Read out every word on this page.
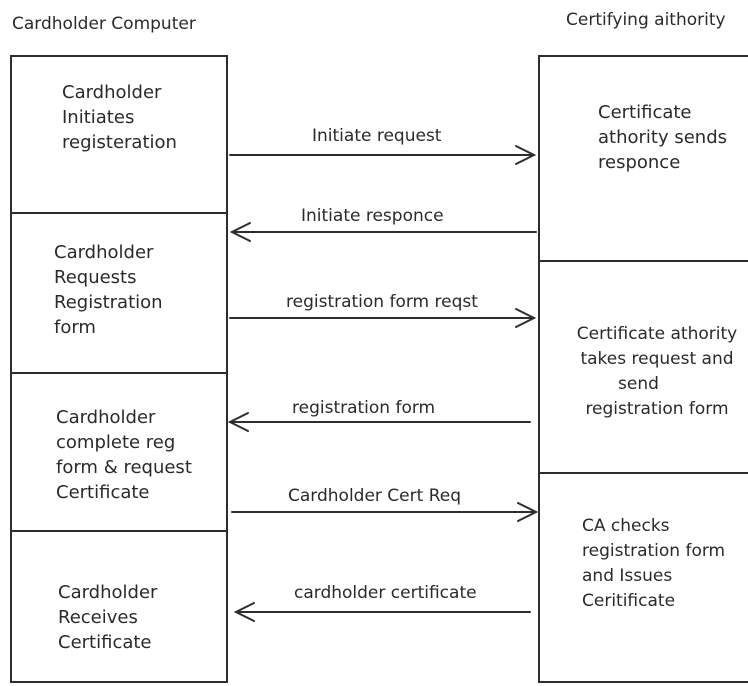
Cardholder Computer	Certifying aithority
Cardholder
Initiates
registeration
Cardholder
Requests
Registration
form
Cardholder
complete reg
form & request
Certificate
Cardholder
Receives
Certificate
Certificate
athority sends
responce
Certificate athority
takes request and
send
registration form
CA checks
registration form
and Issues
Ceritificate
Initiate request
Initiate responce
registration form reqst
registration form
Cardholder Cert Req
cardholder certificate
